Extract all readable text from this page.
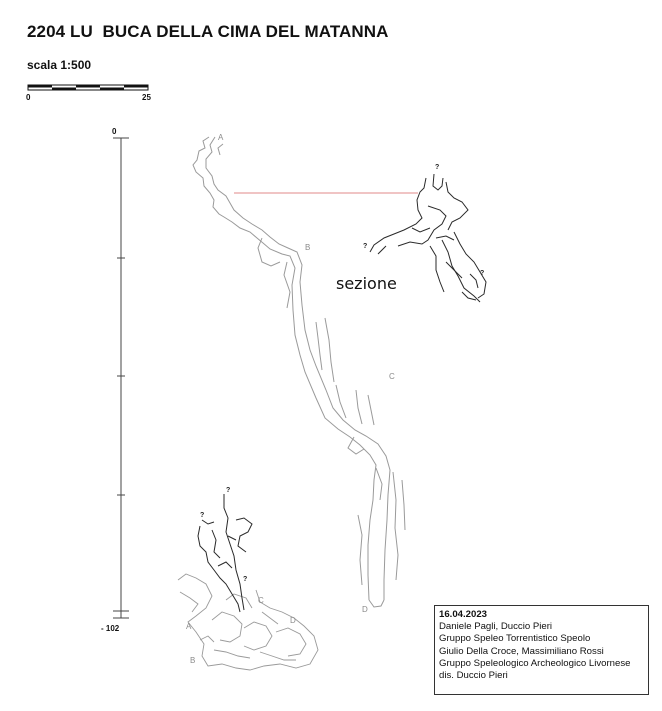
2204 LU  BUCA DELLA CIMA DEL MATANNA
scala 1:500
0	25
0
- 102
A
B
C
D
A
B
C
D
?
?
?
?
?
?
sezione
16.04.2023
Daniele Pagli, Duccio Pieri
Gruppo Speleo Torrentistico Speolo
Giulio Della Croce, Massimiliano Rossi
Gruppo Speleologico Archeologico Livornese
dis. Duccio Pieri
